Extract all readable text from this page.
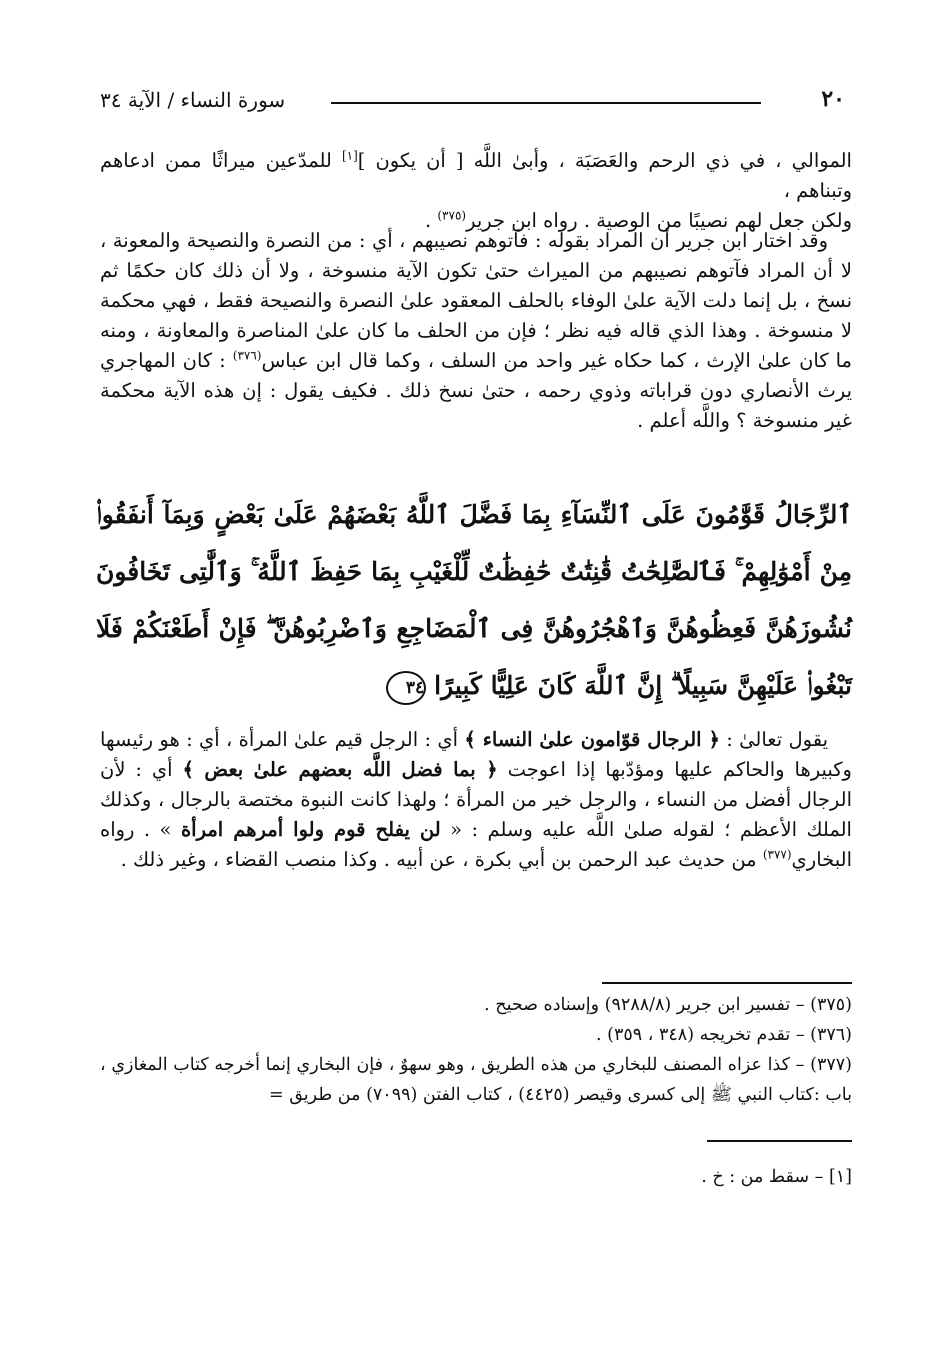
٢٠
سورة النساء / الآية ٣٤

الموالي ، في ذي الرحم والعَصَبَة ، وأبىٰ اللَّه [ أن يكون ][١] للمدّعين ميراثًا ممن ادعاهم وتبناهم ،

ولكن جعل لهم نصيبًا من الوصية . رواه ابن جرير$^{(٣٧٥)}$ .

وقد اختار ابن جرير أن المراد بقوله : فآتوهم نصيبهم ، أي : من النصرة والنصيحة والمعونة ، لا أن المراد فآتوهم نصيبهم من الميراث حتىٰ تكون الآية منسوخة ، ولا أن ذلك كان حكمًا ثم نسخ ، بل إنما دلت الآية علىٰ الوفاء بالحلف المعقود علىٰ النصرة والنصيحة فقط ، فهي محكمة لا منسوخة . وهذا الذي قاله فيه نظر ؛ فإن من الحلف ما كان علىٰ المناصرة والمعاونة ، ومنه ما كان علىٰ الإرث ، كما حكاه غير واحد من السلف ، وكما قال ابن عباس$^{(٣٧٦)}$ : كان المهاجري يرث الأنصاري دون قراباته وذوي رحمه ، حتىٰ نسخ ذلك . فكيف يقول : إن هذه الآية محكمة غير منسوخة ؟ واللَّه أعلم .

ٱلرِّجَالُ قَوَّٰمُونَ عَلَى ٱلنِّسَآءِ بِمَا فَضَّلَ ٱللَّهُ بَعْضَهُمْ عَلَىٰ بَعْضٍ وَبِمَآ أَنفَقُوا۟ مِنْ أَمْوَٰلِهِمْ ۚ فَٱلصَّٰلِحَٰتُ قَٰنِتَٰتٌ حَٰفِظَٰتٌ لِّلْغَيْبِ بِمَا حَفِظَ ٱللَّهُ ۚ وَٱلَّٰتِى تَخَافُونَ نُشُوزَهُنَّ فَعِظُوهُنَّ وَٱهْجُرُوهُنَّ فِى ٱلْمَضَاجِعِ وَٱضْرِبُوهُنَّ ۖ فَإِنْ أَطَعْنَكُمْ فَلَا تَبْغُوا۟ عَلَيْهِنَّ سَبِيلًا ۗ إِنَّ ٱللَّهَ كَانَ عَلِيًّا كَبِيرًا٣٤

يقول تعالىٰ : ﴿ الرجال قوّامون علىٰ النساء ﴾ أي : الرجل قيم علىٰ المرأة ، أي : هو رئيسها وكبيرها والحاكم عليها ومؤدّبها إذا اعوجت ﴿ بما فضل اللَّه بعضهم علىٰ بعض ﴾ أي : لأن الرجال أفضل من النساء ، والرجل خير من المرأة ؛ ولهذا كانت النبوة مختصة بالرجال ، وكذلك الملك الأعظم ؛ لقوله صلىٰ اللَّه عليه وسلم : « لن يفلح قوم ولوا أمرهم امرأة » . رواه البخاري$^{(٣٧٧)}$ من حديث عبد الرحمن بن أبي بكرة ، عن أبيه . وكذا منصب القضاء ، وغير ذلك .

(٣٧٥) – تفسير ابن جرير (٩٢٨٨/٨) وإسناده صحيح .

(٣٧٦) – تقدم تخريجه (٣٤٨ ، ٣٥٩) .

(٣٧٧) – كذا عزاه المصنف للبخاري من هذه الطريق ، وهو سهوٌ ، فإن البخاري إنما أخرجه كتاب المغازي ، باب :كتاب النبي ﷺ إلى كسرى وقيصر (٤٤٢٥) ، كتاب الفتن (٧٠٩٩) من طريق =

[١] – سقط من : خ .
